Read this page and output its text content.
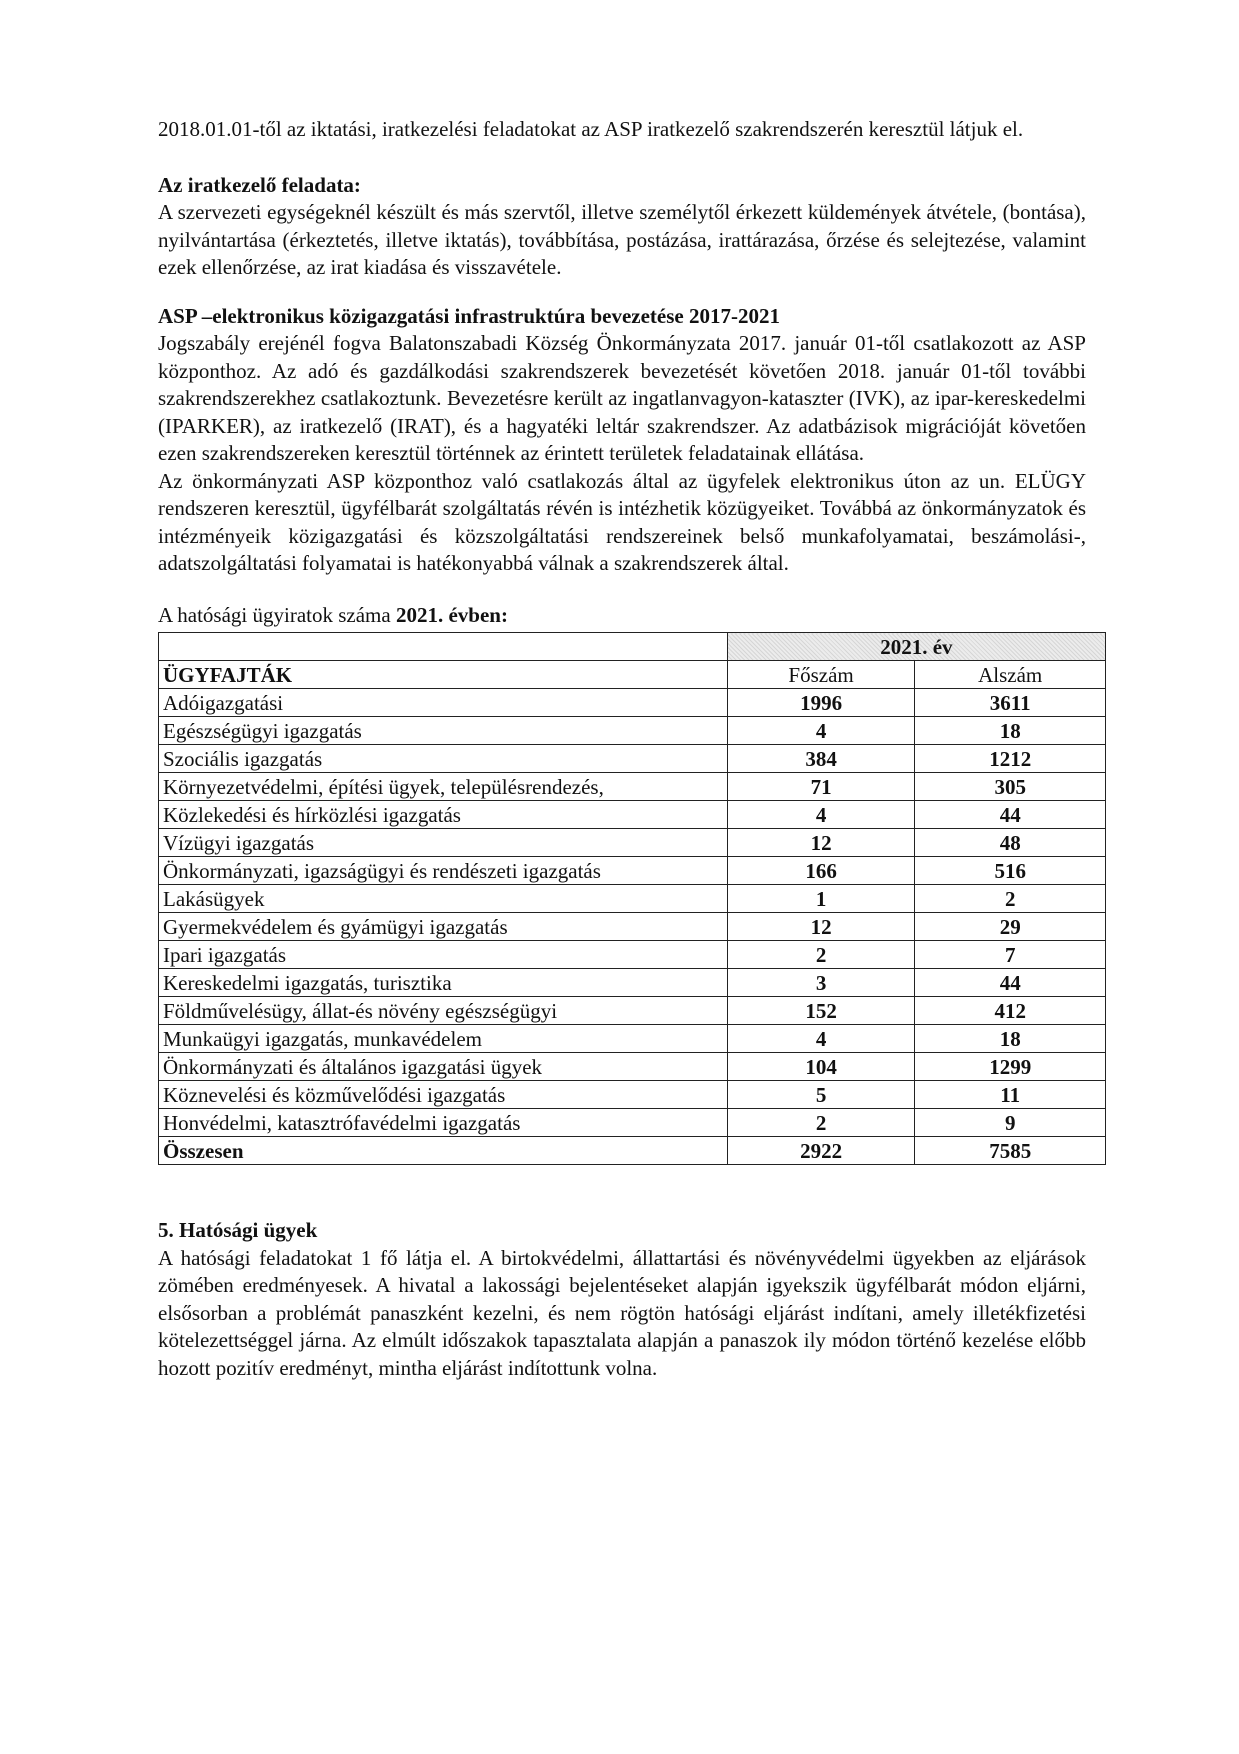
2018.01.01-től az iktatási, iratkezelési feladatokat az ASP iratkezelő szakrendszerén keresztül látjuk el.

Az iratkezelő feladata:

A szervezeti egységeknél készült és más szervtől, illetve személytől érkezett küldemények átvétele, (bontása), nyilvántartása (érkeztetés, illetve iktatás), továbbítása, postázása, irattárazása, őrzése és selejtezése, valamint ezek ellenőrzése, az irat kiadása és visszavétele.

ASP –elektronikus közigazgatási infrastruktúra bevezetése 2017-2021

Jogszabály erejénél fogva Balatonszabadi Község Önkormányzata 2017. január 01-től csatlakozott az ASP központhoz. Az adó és gazdálkodási szakrendszerek bevezetését követően 2018. január 01-től további szakrendszerekhez csatlakoztunk. Bevezetésre került az ingatlanvagyon-kataszter (IVK), az ipar-kereskedelmi (IPARKER), az iratkezelő (IRAT), és a hagyatéki leltár szakrendszer. Az adatbázisok migrációját követően ezen szakrendszereken keresztül történnek az érintett területek feladatainak ellátása.

Az önkormányzati ASP központhoz való csatlakozás által az ügyfelek elektronikus úton az un. ELÜGY rendszeren keresztül, ügyfélbarát szolgáltatás révén is intézhetik közügyeiket. Továbbá az önkormányzatok és intézményeik közigazgatási és közszolgáltatási rendszereinek belső munkafolyamatai, beszámolási-, adatszolgáltatási folyamatai is hatékonyabbá válnak a szakrendszerek által.

A hatósági ügyiratok száma 2021. évben:

	2021. év	
ÜGYFAJTÁK	Főszám	Alszám
Adóigazgatási	1996	3611
Egészségügyi igazgatás	4	18
Szociális igazgatás	384	1212
Környezetvédelmi, építési ügyek, településrendezés,	71	305
Közlekedési és hírközlési igazgatás	4	44
Vízügyi igazgatás	12	48
Önkormányzati, igazságügyi és rendészeti igazgatás	166	516
Lakásügyek	1	2
Gyermekvédelem és gyámügyi igazgatás	12	29
Ipari igazgatás	2	7
Kereskedelmi igazgatás, turisztika	3	44
Földművelésügy, állat-és növény egészségügyi	152	412
Munkaügyi igazgatás, munkavédelem	4	18
Önkormányzati és általános igazgatási ügyek	104	1299
Köznevelési és közművelődési igazgatás	5	11
Honvédelmi, katasztrófavédelmi igazgatás	2	9
Összesen	2922	7585
5. Hatósági ügyek

A hatósági feladatokat 1 fő látja el. A birtokvédelmi, állattartási és növényvédelmi ügyekben az eljárások zömében eredményesek. A hivatal a lakossági bejelentéseket alapján igyekszik ügyfélbarát módon eljárni, elsősorban a problémát panaszként kezelni, és nem rögtön hatósági eljárást indítani, amely illetékfizetési kötelezettséggel járna. Az elmúlt időszakok tapasztalata alapján a panaszok ily módon történő kezelése előbb hozott pozitív eredményt, mintha eljárást indítottunk volna.
